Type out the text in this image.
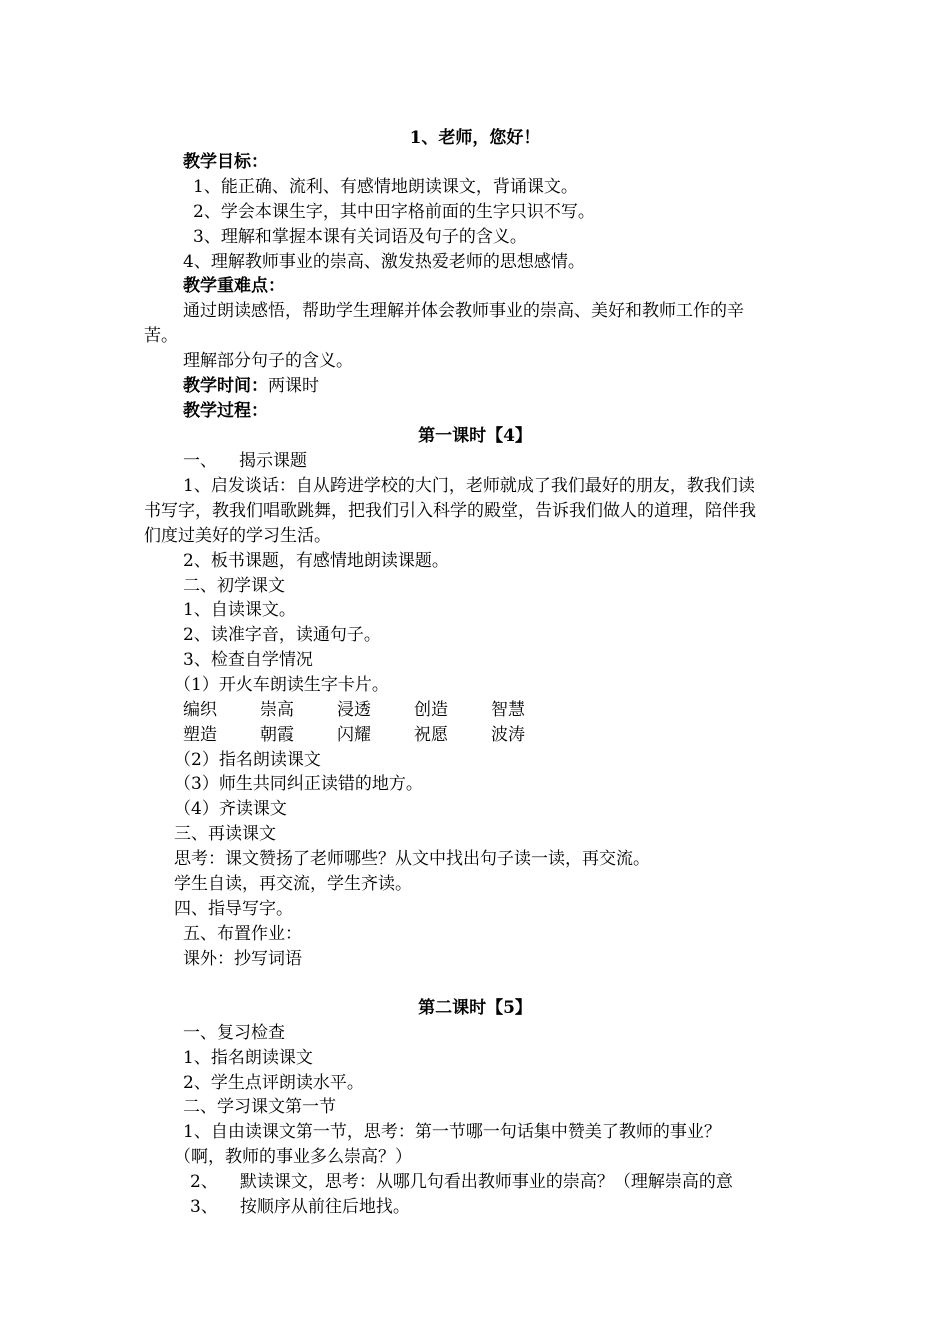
1、老师，您好！
教学目标：
1、能正确、流利、有感情地朗读课文，背诵课文。
2、学会本课生字，其中田字格前面的生字只识不写。
3、理解和掌握本课有关词语及句子的含义。
4、理解教师事业的崇高、激发热爱老师的思想感情。
教学重难点：
通过朗读感悟，帮助学生理解并体会教师事业的崇高、美好和教师工作的辛
苦。
理解部分句子的含义。
教学时间：两课时
教学过程：
第一课时【4】
一、 揭示课题
1、启发谈话：自从跨进学校的大门，老师就成了我们最好的朋友，教我们读
书写字，教我们唱歌跳舞，把我们引入科学的殿堂，告诉我们做人的道理，陪伴我
们度过美好的学习生活。
2、板书课题，有感情地朗读课题。
二、初学课文
1、自读课文。
2、读准字音，读通句子。
3、检查自学情况
（1）开火车朗读生字卡片。
编织	崇高	浸透	创造	智慧
塑造	朝霞	闪耀	祝愿	波涛
（2）指名朗读课文
（3）师生共同纠正读错的地方。
（4）齐读课文
三、再读课文
思考：课文赞扬了老师哪些？从文中找出句子读一读，再交流。
学生自读，再交流，学生齐读。
四、指导写字。
五、布置作业：
课外：抄写词语
第二课时【5】
一、复习检查
1、指名朗读课文
2、学生点评朗读水平。
二、学习课文第一节
1、自由读课文第一节，思考：第一节哪一句话集中赞美了教师的事业？
（啊，教师的事业多么崇高？）
2、 默读课文，思考：从哪几句看出教师事业的崇高？（理解崇高的意
3、 按顺序从前往后地找。
